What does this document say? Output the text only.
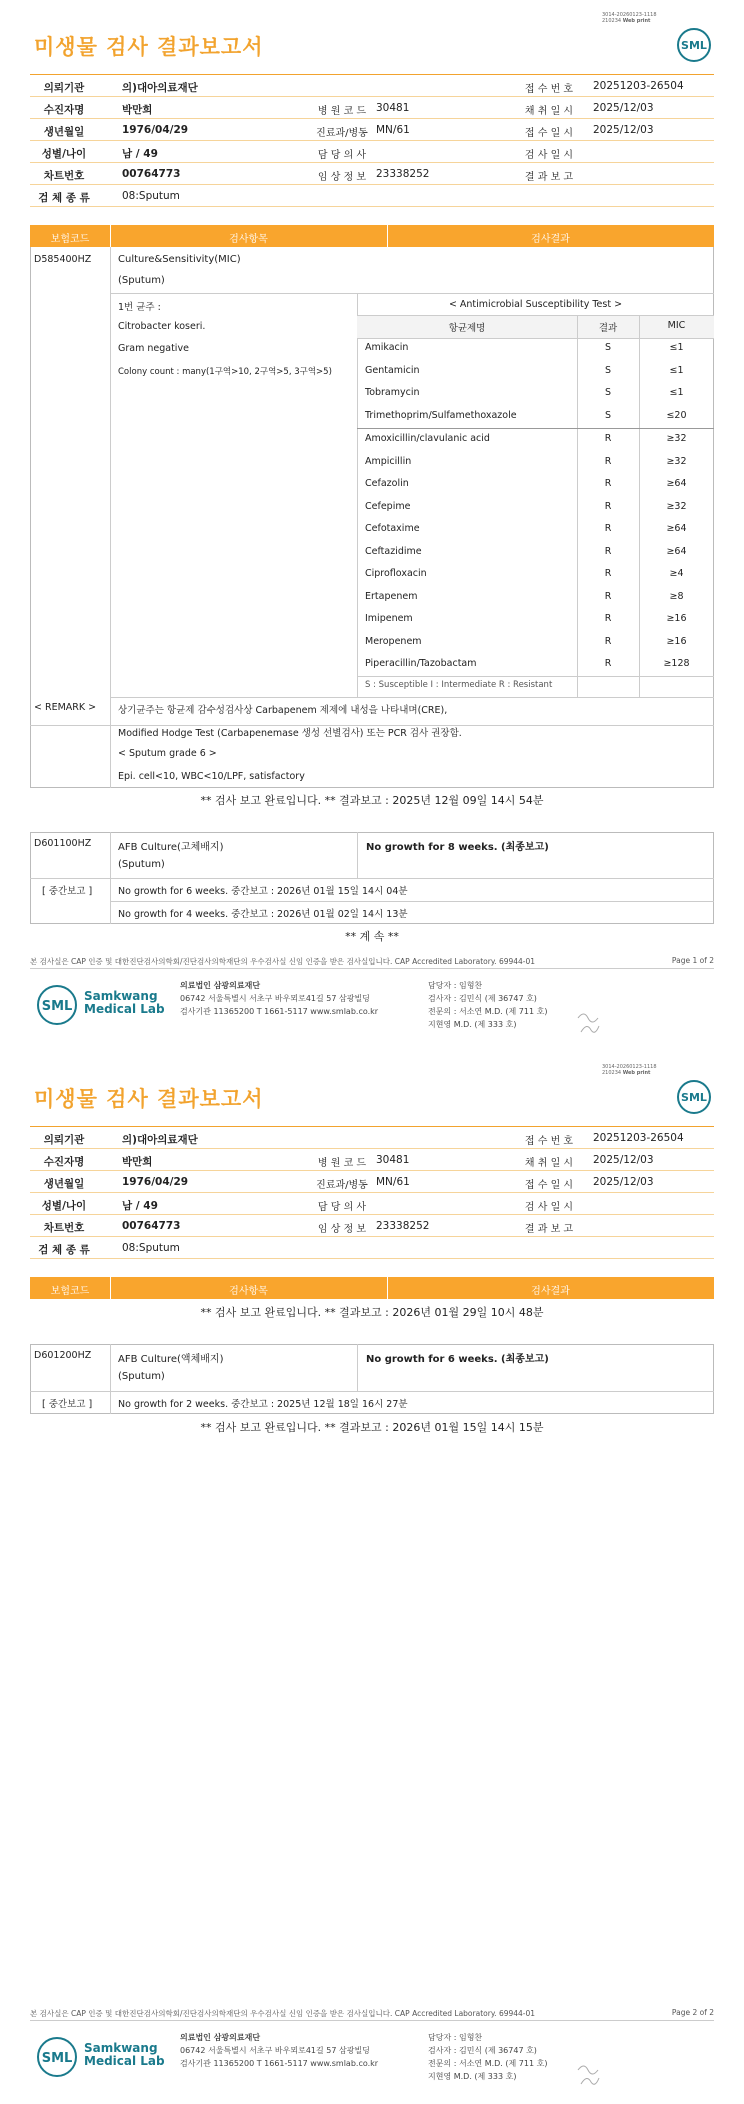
3014-20260123-1118
210234 Web print
SML
미생물 검사 결과보고서
의뢰기관	의)대아의료재단	접 수 번 호	20251203-26504
수진자명	박만희	병 원 코 드 30481	채 취 일 시	2025/12/03
생년월일	1976/04/29	진료과/병동 MN/61	접 수 일 시	2025/12/03
성별/나이	남 / 49	담 당 의 사	검 사 일 시
차트번호	00764773	임 상 정 보 23338252	결 과 보 고
검 체 종 류	08:Sputum
보험코드	검사항목	검사결과
D585400HZ	Culture&Sensitivity(MIC)
(Sputum)
1번 균주 :
Citrobacter koseri.
Gram negative
Colony count : many(1구역>10, 2구역>5, 3구역>5)
< Antimicrobial Susceptibility Test >
항균제명	결과	MIC
Amikacin	S	≤1
Gentamicin	S	≤1
Tobramycin	S	≤1
Trimethoprim/Sulfamethoxazole	S	≤20
Amoxicillin/clavulanic acid	R	≥32
Ampicillin	R	≥32
Cefazolin	R	≥64
Cefepime	R	≥32
Cefotaxime	R	≥64
Ceftazidime	R	≥64
Ciprofloxacin	R	≥4
Ertapenem	R	≥8
Imipenem	R	≥16
Meropenem	R	≥16
Piperacillin/Tazobactam	R	≥128
S : Susceptible I : Intermediate R : Resistant
< REMARK > 상기균주는 항균제 감수성검사상 Carbapenem 제제에 내성을 나타내며(CRE),
Modified Hodge Test (Carbapenemase 생성 선별검사) 또는 PCR 검사 권장함.
< Sputum grade 6 >
Epi. cell<10, WBC<10/LPF, satisfactory
** 검사 보고 완료입니다. ** 결과보고 : 2025년 12월 09일 14시 54분
D601100HZ	AFB Culture(고체배지)
(Sputum)
No growth for 8 weeks. (최종보고)
[ 중간보고 ]	No growth for 6 weeks. 중간보고 : 2026년 01월 15일 14시 04분
No growth for 4 weeks. 중간보고 : 2026년 01월 02일 14시 13분
** 계 속 **
본 검사실은 CAP 인증 및 대한진단검사의학회/진단검사의학재단의 우수검사실 신임 인증을 받은 검사실입니다. CAP Accredited Laboratory. 69944-01	Page 1 of 2
SML
Samkwang
Medical Lab
의료법인 삼광의료재단
06742 서울특별시 서초구 바우뫼로41길 57 삼광빌딩
검사기관 11365200 T 1661-5117 www.smlab.co.kr
담당자 : 임형찬
검사자 : 김민식 (제 36747 호)
전문의 : 서소연 M.D. (제 711 호)
지현영 M.D. (제 333 호)
3014-20260123-1118
210234 Web print
SML
미생물 검사 결과보고서
의뢰기관	의)대아의료재단	접 수 번 호	20251203-26504
수진자명	박만희	병 원 코 드 30481	채 취 일 시	2025/12/03
생년월일	1976/04/29	진료과/병동 MN/61	접 수 일 시	2025/12/03
성별/나이	남 / 49	담 당 의 사	검 사 일 시
차트번호	00764773	임 상 정 보 23338252	결 과 보 고
검 체 종 류	08:Sputum
보험코드	검사항목	검사결과
** 검사 보고 완료입니다. ** 결과보고 : 2026년 01월 29일 10시 48분
D601200HZ	AFB Culture(액체배지)
(Sputum)
No growth for 6 weeks. (최종보고)
[ 중간보고 ]	No growth for 2 weeks. 중간보고 : 2025년 12월 18일 16시 27분
** 검사 보고 완료입니다. ** 결과보고 : 2026년 01월 15일 14시 15분
본 검사실은 CAP 인증 및 대한진단검사의학회/진단검사의학재단의 우수검사실 신임 인증을 받은 검사실입니다. CAP Accredited Laboratory. 69944-01	Page 2 of 2
SML
Samkwang
Medical Lab
의료법인 삼광의료재단
06742 서울특별시 서초구 바우뫼로41길 57 삼광빌딩
검사기관 11365200 T 1661-5117 www.smlab.co.kr
담당자 : 임형찬
검사자 : 김민식 (제 36747 호)
전문의 : 서소연 M.D. (제 711 호)
지현영 M.D. (제 333 호)
